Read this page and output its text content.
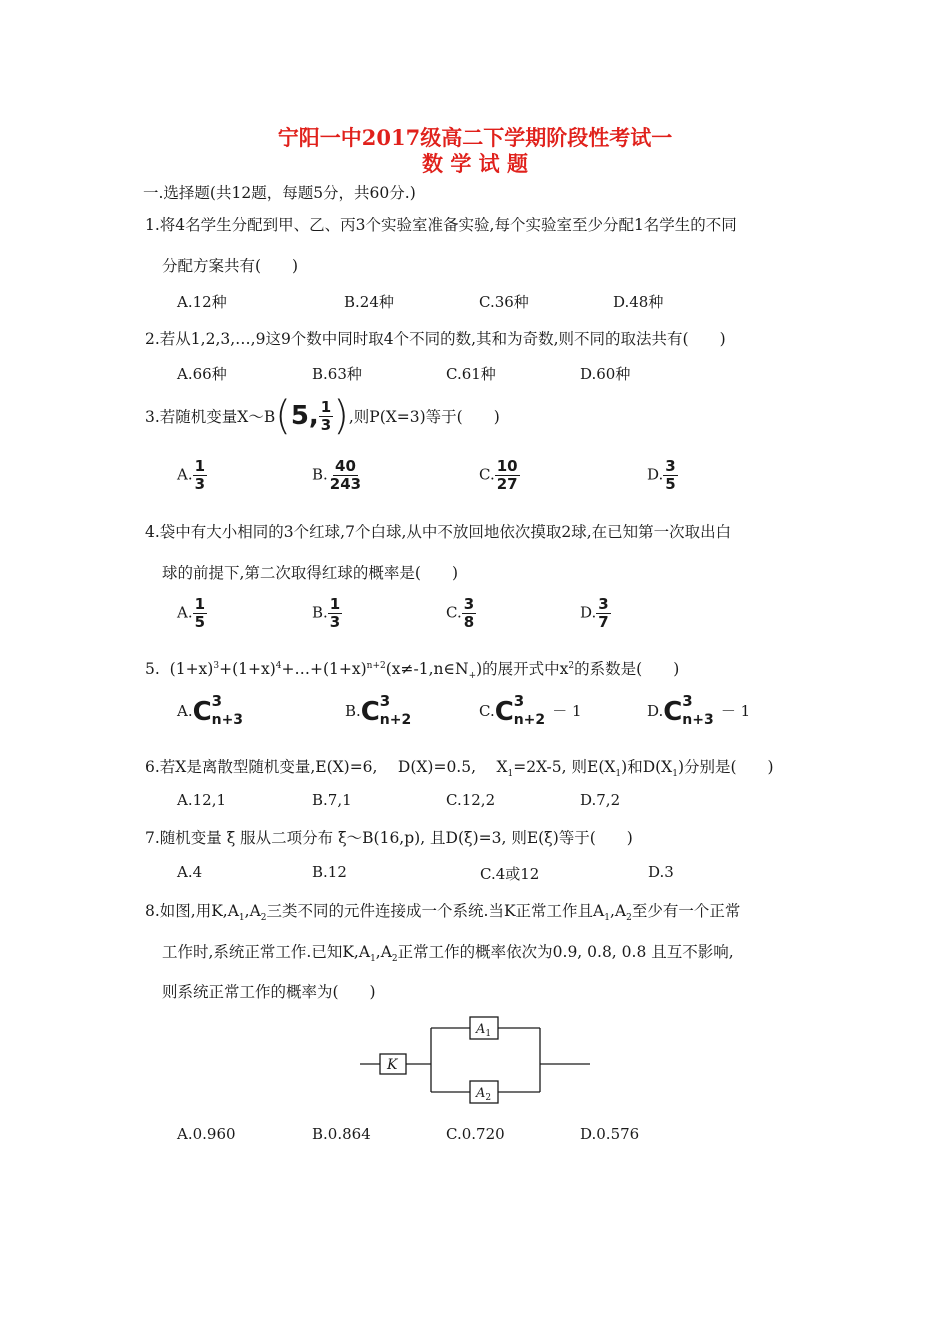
宁阳一中2017级高二下学期阶段性考试一
数 学 试 题
一.选择题(共12题，每题5分，共60分.)
1.将4名学生分配到甲、乙、丙3个实验室准备实验,每个实验室至少分配1名学生的不同
分配方案共有(　　)
A.12种	B.24种	C.36种	D.48种
2.若从1,2,3,…,9这9个数中同时取4个不同的数,其和为奇数,则不同的取法共有(　　)
A.66种	B.63种	C.61种	D.60种
3.若随机变量X～B ( 5, $\frac{1}{3}$ ) ,则P(X=3)等于(　　)
A. $\frac{1}{3}$	B. $\frac{40}{243}$	C. $\frac{10}{27}$	D. $\frac{3}{5}$
4.袋中有大小相同的3个红球,7个白球,从中不放回地依次摸取2球,在已知第一次取出白
球的前提下,第二次取得红球的概率是(　　)
A. $\frac{1}{5}$	B. $\frac{1}{3}$	C. $\frac{3}{8}$	D. $\frac{3}{7}$
5. $(1+x)^3+(1+x)^4+\dots+(1+x)^{n+2}(x\ne-1,n\in N_+)$的展开式中$x^2$的系数是(　　)
A. C 3
n+3	B. C 3
n+2	C. C 3
n+2 － 1	D. C 3
n+3 － 1
6.若X是离散型随机变量,E(X)=6,　 D(X)=0.5,　 $X_1=2X-5$, 则$E(X_1)$和$D(X_1)$分别是(　　)
A.12,1	B.7,1	C.12,2	D.7,2
7.随机变量 ξ 服从二项分布 ξ～B(16,p), 且D(ξ)=3, 则E(ξ)等于(　　)
A.4	B.12	C.4或12	D.3
8.如图,用$K,A_1,A_2$三类不同的元件连接成一个系统.当K正常工作且$A_1,A_2$至少有一个正常
工作时,系统正常工作.已知$K,A_1,A_2$正常工作的概率依次为0.9, 0.8, 0.8 且互不影响,
则系统正常工作的概率为(　　)
K
$A_1$
$A_2$
A.0.960	B.0.864	C.0.720	D.0.576
